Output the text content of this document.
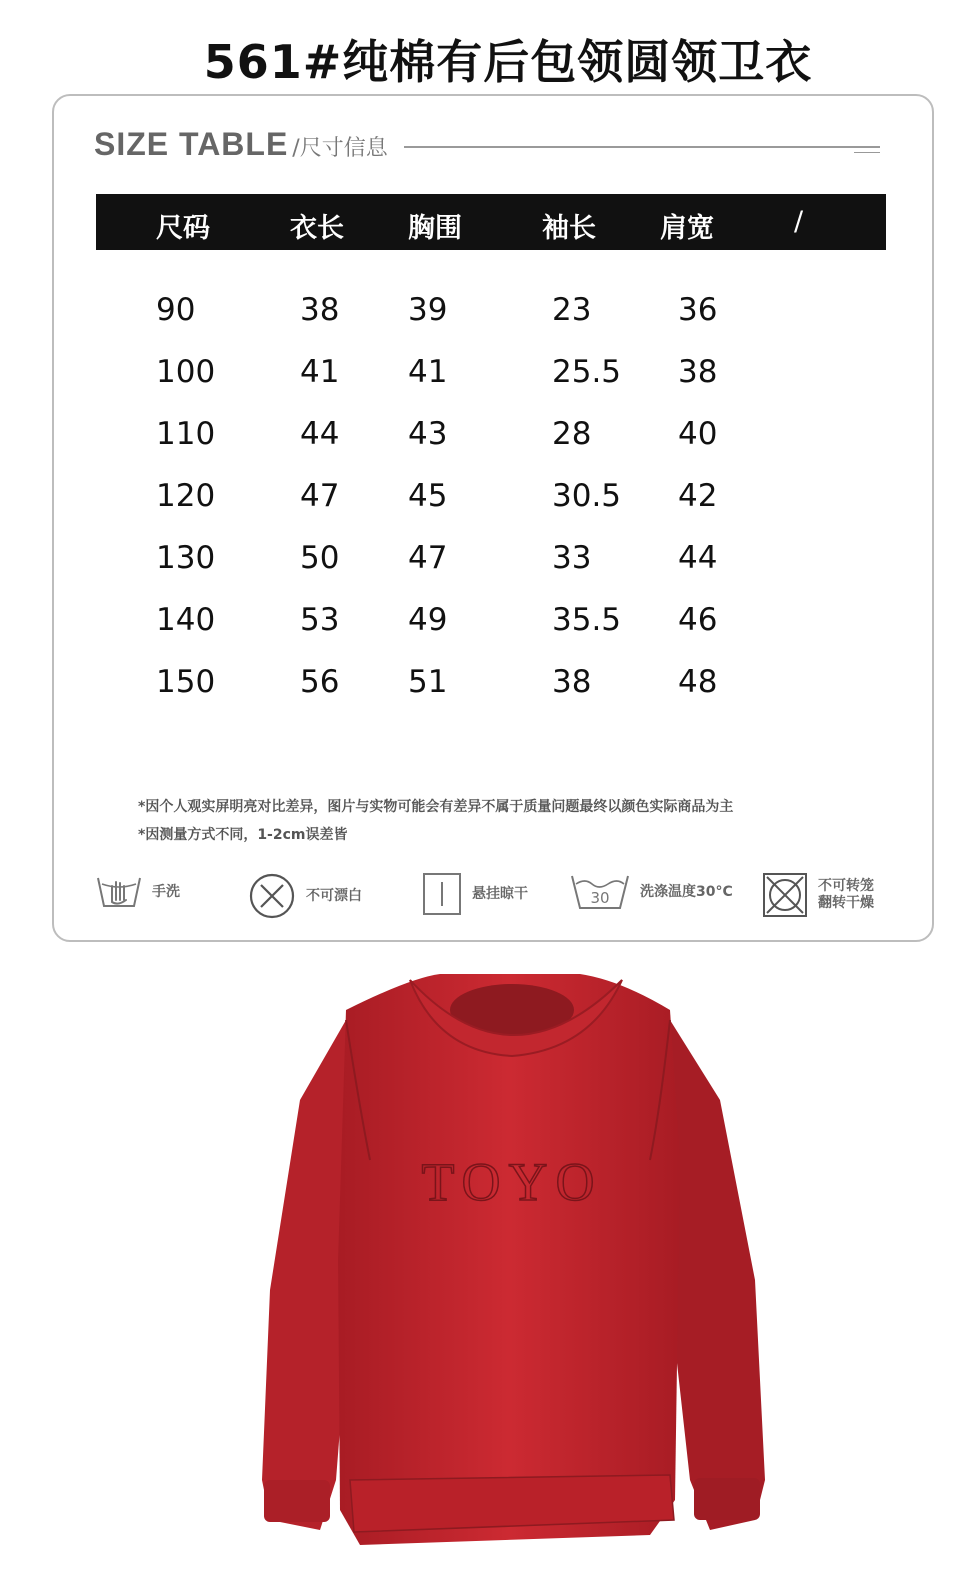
561#纯棉有后包领圆领卫衣
SIZE TABLE /尺寸信息
尺码	衣长 胸围	袖长 肩宽	/
90	38 39	23	36
100	41 41	25.5 38
110	44 43	28	40
120	47 45	30.5 42
130	50 47	33	44
140	53 49	35.5 46
150	56 51	38	48
*因个人观实屏明亮对比差异，图片与实物可能会有差异不属于质量问题最终以颜色实际商品为主
*因测量方式不同，1-2cm误差皆
手洗	不可漂白	悬挂晾干	30 洗涤温度30°C	不可转笼
翻转干燥
TOYO
